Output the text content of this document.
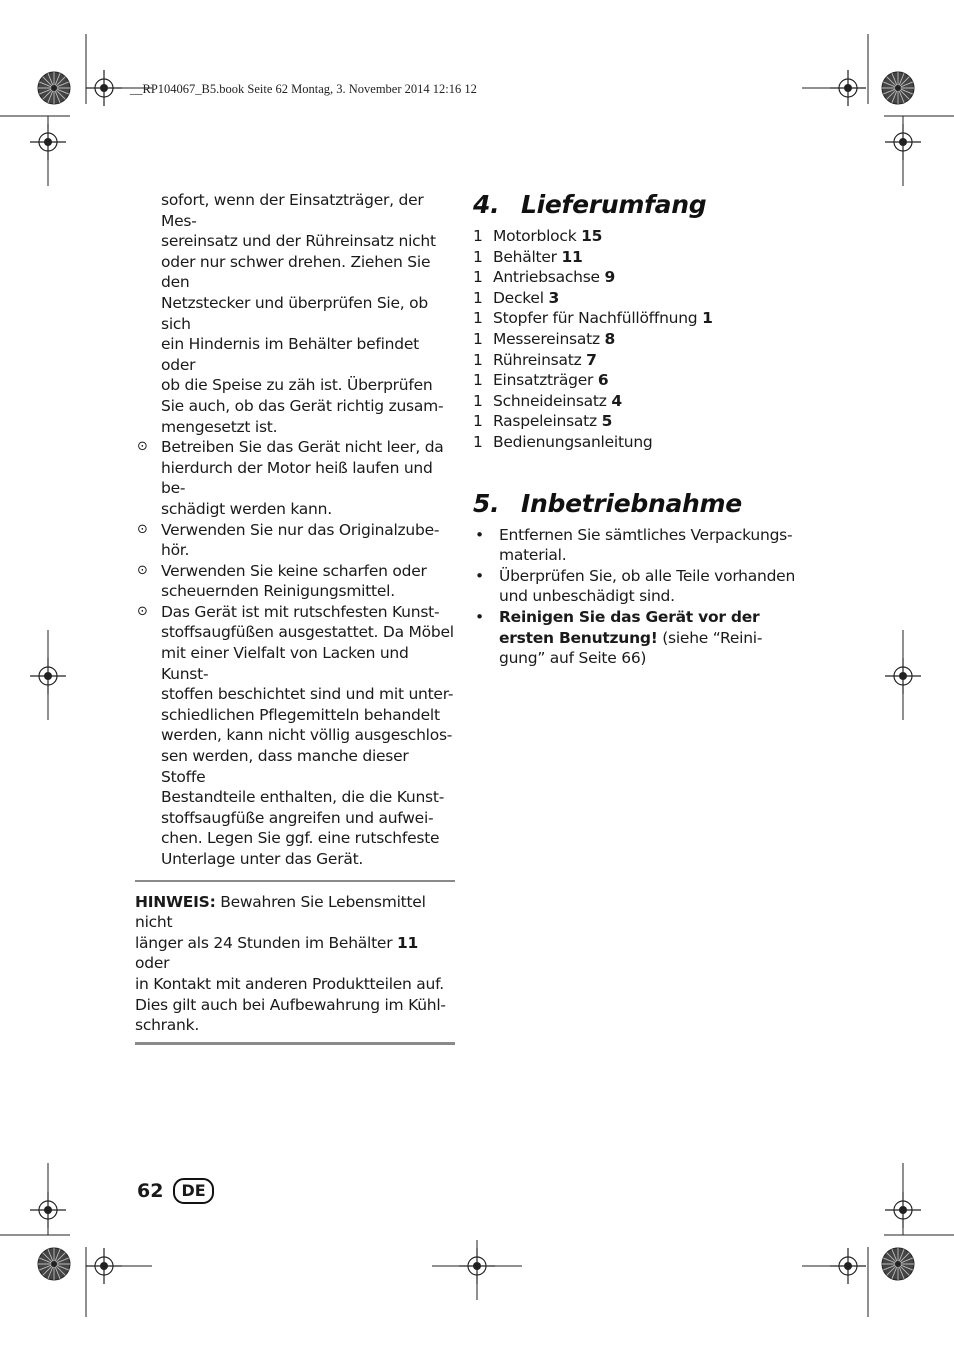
__RP104067_B5.book Seite 62 Montag, 3. November 2014 12:16 12
sofort, wenn der Einsatzträger, der Mes-
sereinsatz und der Rühreinsatz nicht
oder nur schwer drehen. Ziehen Sie den
Netzstecker und überprüfen Sie, ob sich
ein Hindernis im Behälter befindet oder
ob die Speise zu zäh ist. Überprüfen
Sie auch, ob das Gerät richtig zusam-
mengesetzt ist.
⊙ Betreiben Sie das Gerät nicht leer, da
hierdurch der Motor heiß laufen und be-
schädigt werden kann.
⊙ Verwenden Sie nur das Originalzube-
hör.
⊙ Verwenden Sie keine scharfen oder
scheuernden Reinigungsmittel.
⊙ Das Gerät ist mit rutschfesten Kunst-
stoffsaugfüßen ausgestattet. Da Möbel
mit einer Vielfalt von Lacken und Kunst-
stoffen beschichtet sind und mit unter-
schiedlichen Pflegemitteln behandelt
werden, kann nicht völlig ausgeschlos-
sen werden, dass manche dieser Stoffe
Bestandteile enthalten, die die Kunst-
stoffsaugfüße angreifen und aufwei-
chen. Legen Sie ggf. eine rutschfeste
Unterlage unter das Gerät.
HINWEIS: Bewahren Sie Lebensmittel nicht
länger als 24 Stunden im Behälter 11 oder
in Kontakt mit anderen Produktteilen auf.
Dies gilt auch bei Aufbewahrung im Kühl-
schrank.
4. Lieferumfang
1 Motorblock 15
1 Behälter 11
1 Antriebsachse 9
1 Deckel 3
1 Stopfer für Nachfüllöffnung 1
1 Messereinsatz 8
1 Rühreinsatz 7
1 Einsatzträger 6
1 Schneideinsatz 4
1 Raspeleinsatz 5
1 Bedienungsanleitung
5. Inbetriebnahme
• Entfernen Sie sämtliches Verpackungs-
material.
• Überprüfen Sie, ob alle Teile vorhanden
und unbeschädigt sind.
• Reinigen Sie das Gerät vor der
ersten Benutzung! (siehe “Reini-
gung” auf Seite 66)
62	DE
